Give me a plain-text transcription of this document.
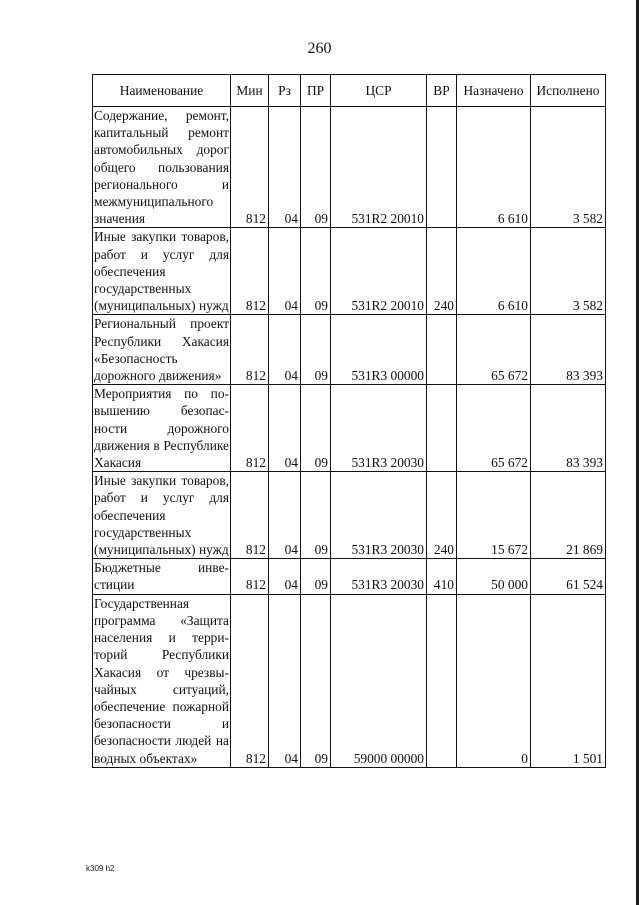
260
Наименование	Мин	Рз	ПР	ЦСР	ВР	Назначено	Исполнено
Содержание, ремонт, капитальный ремонт автомобильных дорог общего пользования регионального и межмуниципального значения	812	04	09	531R2 20010		6 610	3 582
Иные закупки товаров, работ и услуг для обеспечения государственных (муниципальных) нужд	812	04	09	531R2 20010	240	6 610	3 582
Региональный проект Республики Хакасия «Безопасность дорожного движения»	812	04	09	531R3 00000		65 672	83 393
Мероприятия по повышению безопасности дорожного движения в Республике Хакасия	812	04	09	531R3 20030		65 672	83 393
Иные закупки товаров, работ и услуг для обеспечения государственных (муниципальных) нужд	812	04	09	531R3 20030	240	15 672	21 869
Бюджетные инвестиции	812	04	09	531R3 20030	410	50 000	61 524
Государственная программа «Защита населения и территорий Республики Хакасия от чрезвычайных ситуаций, обеспечение пожарной безопасности и безопасности людей на водных объектах»	812	04	09	59000 00000		0	1 501
k309 h2
